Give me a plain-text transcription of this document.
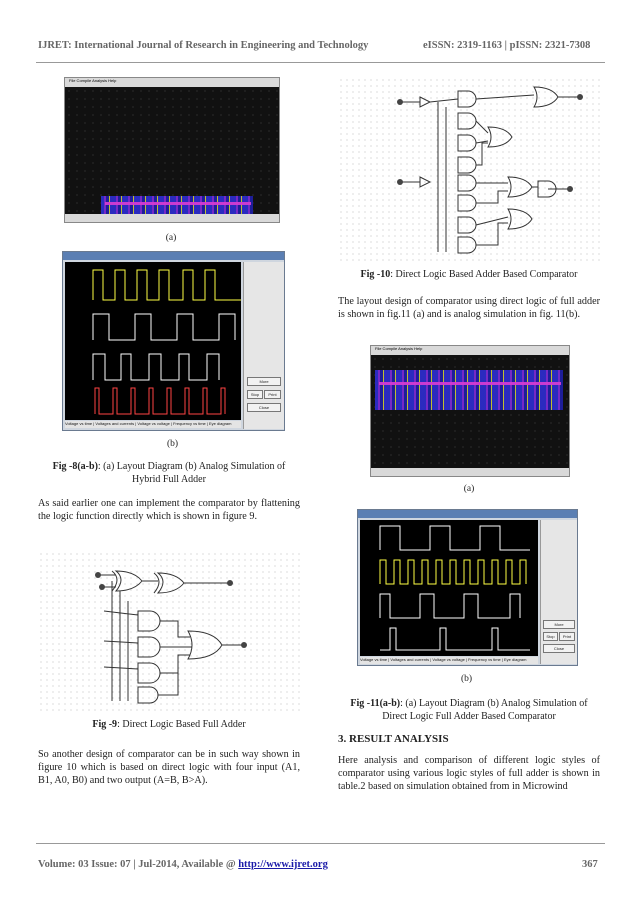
IJRET: International Journal of Research in Engineering and Technology	eISSN: 2319-1163 | pISSN: 2321-7308
$^{File Compile Analysis Help}$
(a)
More
Stop	Print
Close
Voltage vs time | Voltages and currents | Voltage vs voltage | Frequency vs time | Eye diagram
(b)
Fig -8(a-b): (a) Layout Diagram (b) Analog Simulation of Hybrid Full Adder
As said earlier one can implement the comparator by flattening the logic function directly which is shown in figure 9.
Fig -9: Direct Logic Based Full Adder
So another design of comparator can be in such way shown in figure 10 which is based on direct logic with four input (A1, B1, A0, B0) and two output (A=B, B>A).
Fig -10: Direct Logic Based Adder Based Comparator
The layout design of comparator using direct logic of full adder is shown in fig.11 (a) and is analog simulation in fig. 11(b).
$^{File Compile Analysis Help}$
(a)
More
Stop	Print
Close
Voltage vs time | Voltages and currents | Voltage vs voltage | Frequency vs time | Eye diagram
(b)
Fig -11(a-b): (a) Layout Diagram (b) Analog Simulation of Direct Logic Full Adder Based Comparator
3. RESULT ANALYSIS
Here analysis and comparison of different logic styles of comparator using various logic styles of full adder is shown in table.2 based on simulation obtained from in Microwind
Volume: 03 Issue: 07 | Jul-2014, Available @ http://www.ijret.org	367
